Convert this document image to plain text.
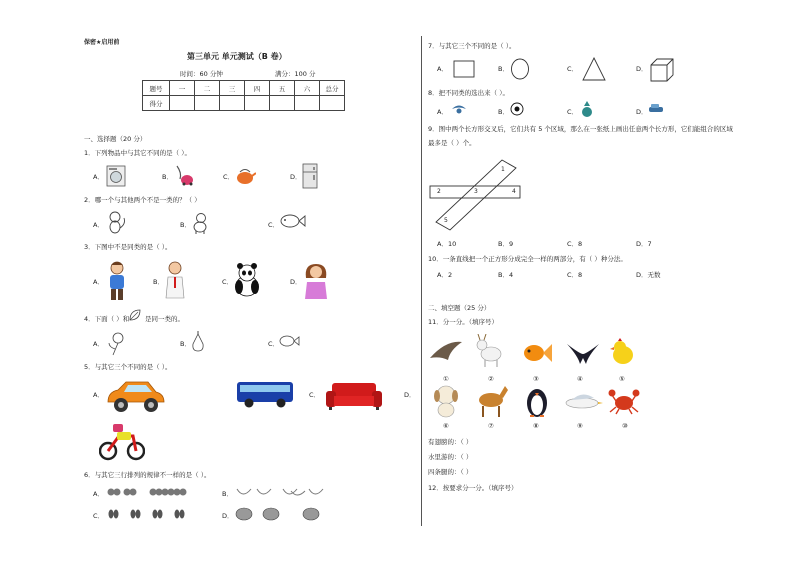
保密★启用前
第三单元 单元测试（B 卷）
时间：60 分钟	满分：100 分
题号	一	二	三	四	五	六	总分
得分							
一、选择题（20 分）
1．下列物品中与其它不同的是（ ）。
A．	B．	C．	D．
2．哪一个与其他两个不是一类的？（ ）
A．	B．	C．
3．下图中不是同类的是（ ）。
A．	B．	C．	D．
4．下面（ ）和 是同一类的。
A．	B．	C．
5．与其它三个不同的是（ ）。
A．	C．	D．
6．与其它三行排列的规律不一样的是（ ）。
A．	B．
C．	D．
7．与其它三个不同的是（ ）。
A．	B．	C．	D．
8．把不同类的选出来（ ）。
A．	B．	C．	D．
9．图中两个长方形交叉后，它们共有 5 个区域，那么在一张纸上画出任意两个长方形，它们能组合的区域
最多是（ ）个。
1
2	3	4
5
A．10	B．9	C．8	D．7
10．一条直线把一个正方形分成完全一样的两部分，有（ ）种分法。
A．2	B．4	C．8	D．无数
二、填空题（25 分）
11．分一分。（填序号）
①	②	③	④	⑤
⑥	⑦	⑧	⑨	⑩
有翅膀的：（ ）
水里游的：（ ）
四条腿的：（ ）
12．按要求分一分。（填序号）
